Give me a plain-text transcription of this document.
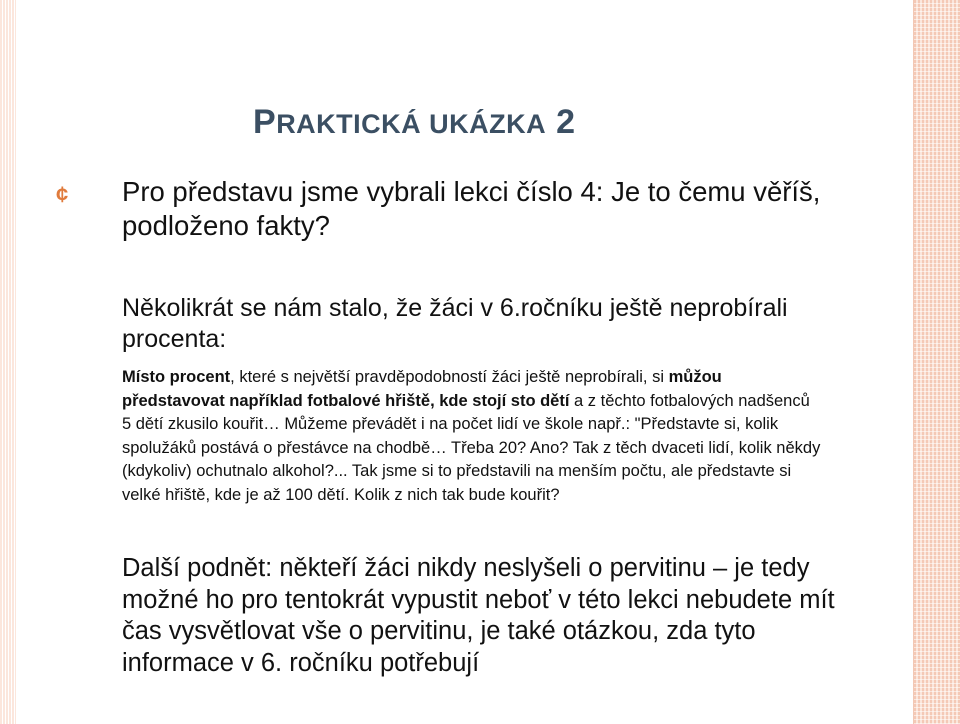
PRAKTICKÁ UKÁZKA 2
¢ Pro představu jsme vybrali lekci číslo 4: Je to čemu věříš, podloženo fakty?
Několikrát se nám stalo, že žáci v 6.ročníku ještě neprobírali procenta:
Místo procent, které s největší pravděpodobností žáci ještě neprobírali, si můžou představovat například fotbalové hřiště, kde stojí sto dětí a z těchto fotbalových nadšenců 5 dětí zkusilo kouřit… Můžeme převádět i na počet lidí ve škole např.: "Představte si, kolik spolužáků postává o přestávce na chodbě… Třeba 20? Ano? Tak z těch dvaceti lidí, kolik někdy (kdykoliv) ochutnalo alkohol?... Tak jsme si to představili na menším počtu, ale představte si velké hřiště, kde je až 100 dětí. Kolik z nich tak bude kouřit?
Další podnět: někteří žáci nikdy neslyšeli o pervitinu – je tedy možné ho pro tentokrát vypustit neboť v této lekci nebudete mít čas vysvětlovat vše o pervitinu, je také otázkou, zda tyto informace v 6. ročníku potřebují
